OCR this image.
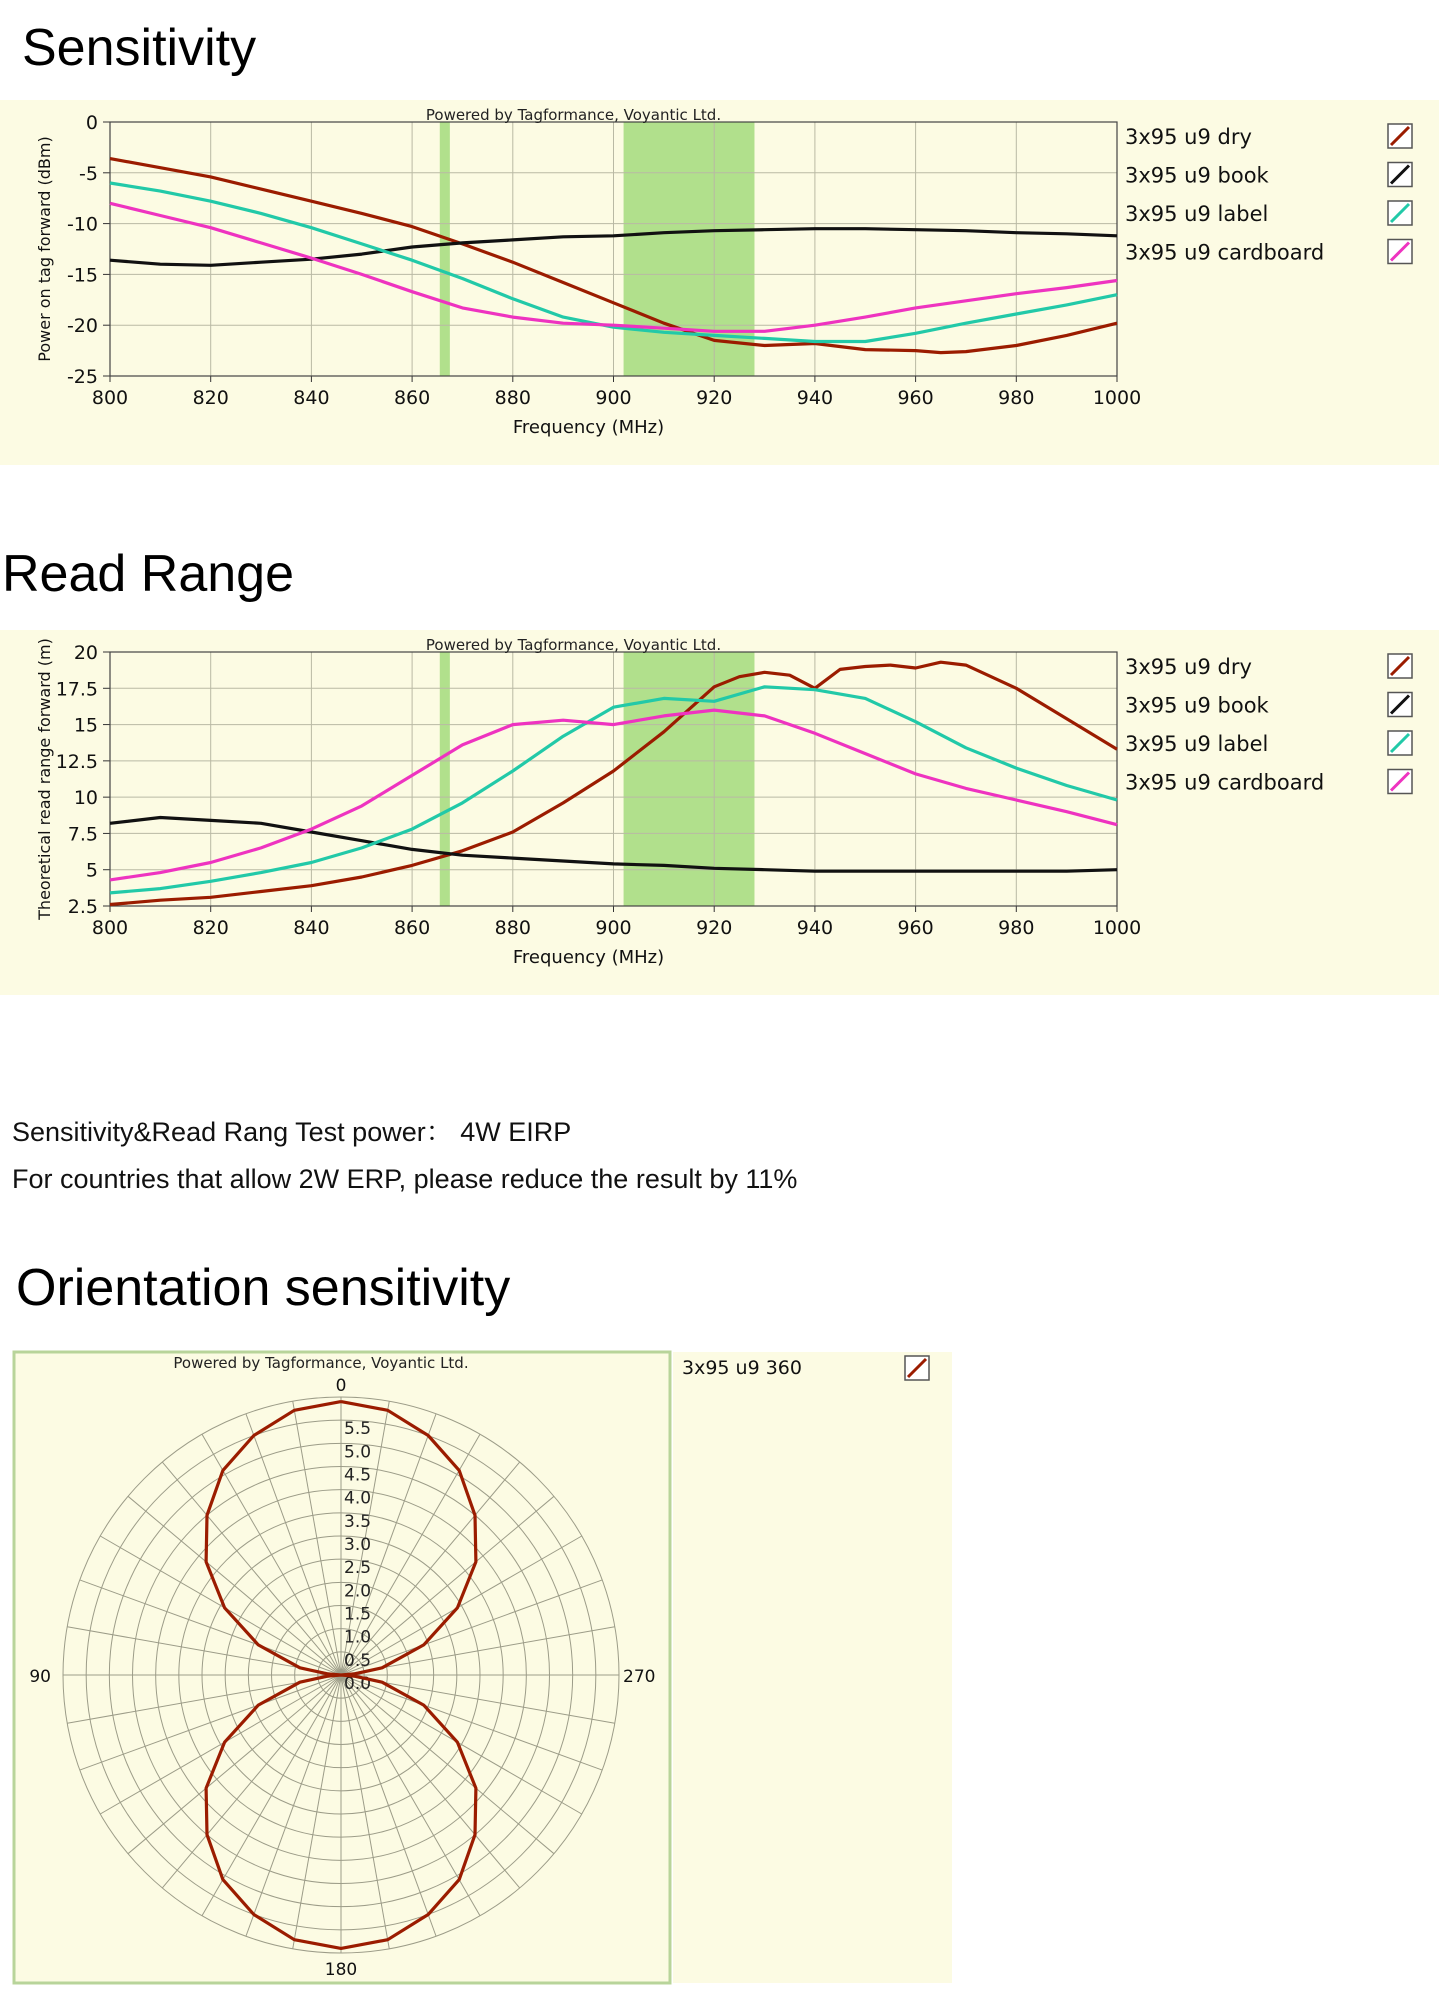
Sensitivity
800	820	840	860	880	900	920	940	960	980	1000
0
-5
-10
-15
-20
-25
Powered by Tagformance, Voyantic Ltd.
Frequency (MHz)
Power on tag forward (dBm)	3x95 u9 dry
3x95 u9 book
3x95 u9 label
3x95 u9 cardboard
Read Range
800	820	840	860	880	900	920	940	960	980	1000
20
17.5
15
12.5
10
7.5
5
2.5
Powered by Tagformance, Voyantic Ltd.
Frequency (MHz)
Theoretical read range forward (m)	3x95 u9 dry
3x95 u9 book
3x95 u9 label
3x95 u9 cardboard
Sensitivity&Read Rang Test power： 4W EIRP
For countries that allow 2W ERP, please reduce the result by 11%
Orientation sensitivity
0.0
0.5
1.0
1.5
2.0
2.5
3.0
3.5
4.0
4.5
5.0
5.5
0
90
180
270
Powered by Tagformance, Voyantic Ltd.	3x95 u9 360
